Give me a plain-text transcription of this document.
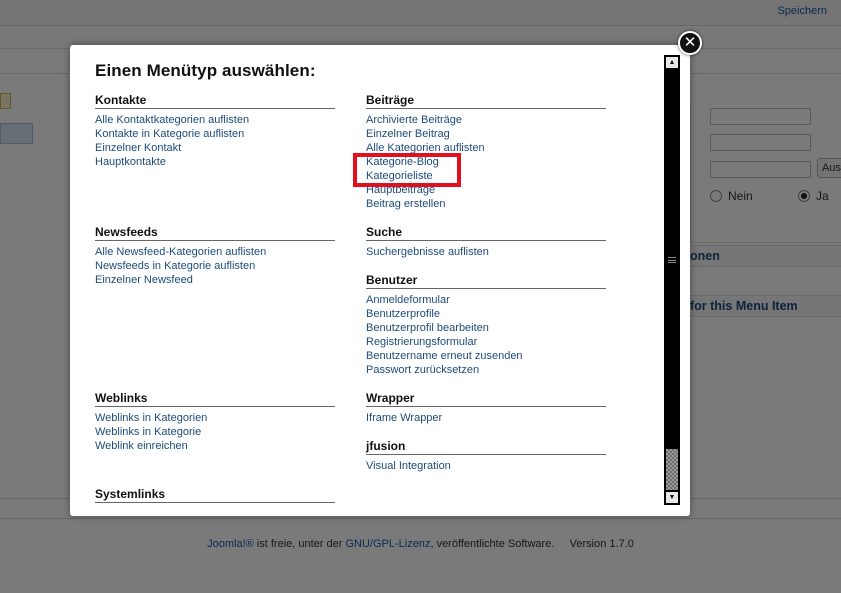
Einen Menütyp auswählen:
Kontakte
Alle Kontaktkategorien auflisten
Kontakte in Kategorie auflisten
Einzelner Kontakt
Hauptkontakte
Newsfeeds
Alle Newsfeed-Kategorien auflisten
Newsfeeds in Kategorie auflisten
Einzelner Newsfeed
Weblinks
Weblinks in Kategorien
Weblinks in Kategorie
Weblink einreichen
Systemlinks
Beiträge
Archivierte Beiträge
Einzelner Beitrag
Alle Kategorien auflisten
Kategorie-Blog
Kategorieliste
Hauptbeiträge
Beitrag erstellen
Suche
Suchergebnisse auflisten
Benutzer
Anmeldeformular
Benutzerprofile
Benutzerprofil bearbeiten
Registrierungsformular
Benutzername erneut zusenden
Passwort zurücksetzen
Wrapper
Iframe Wrapper
jfusion
Visual Integration
▲
▼
✕
